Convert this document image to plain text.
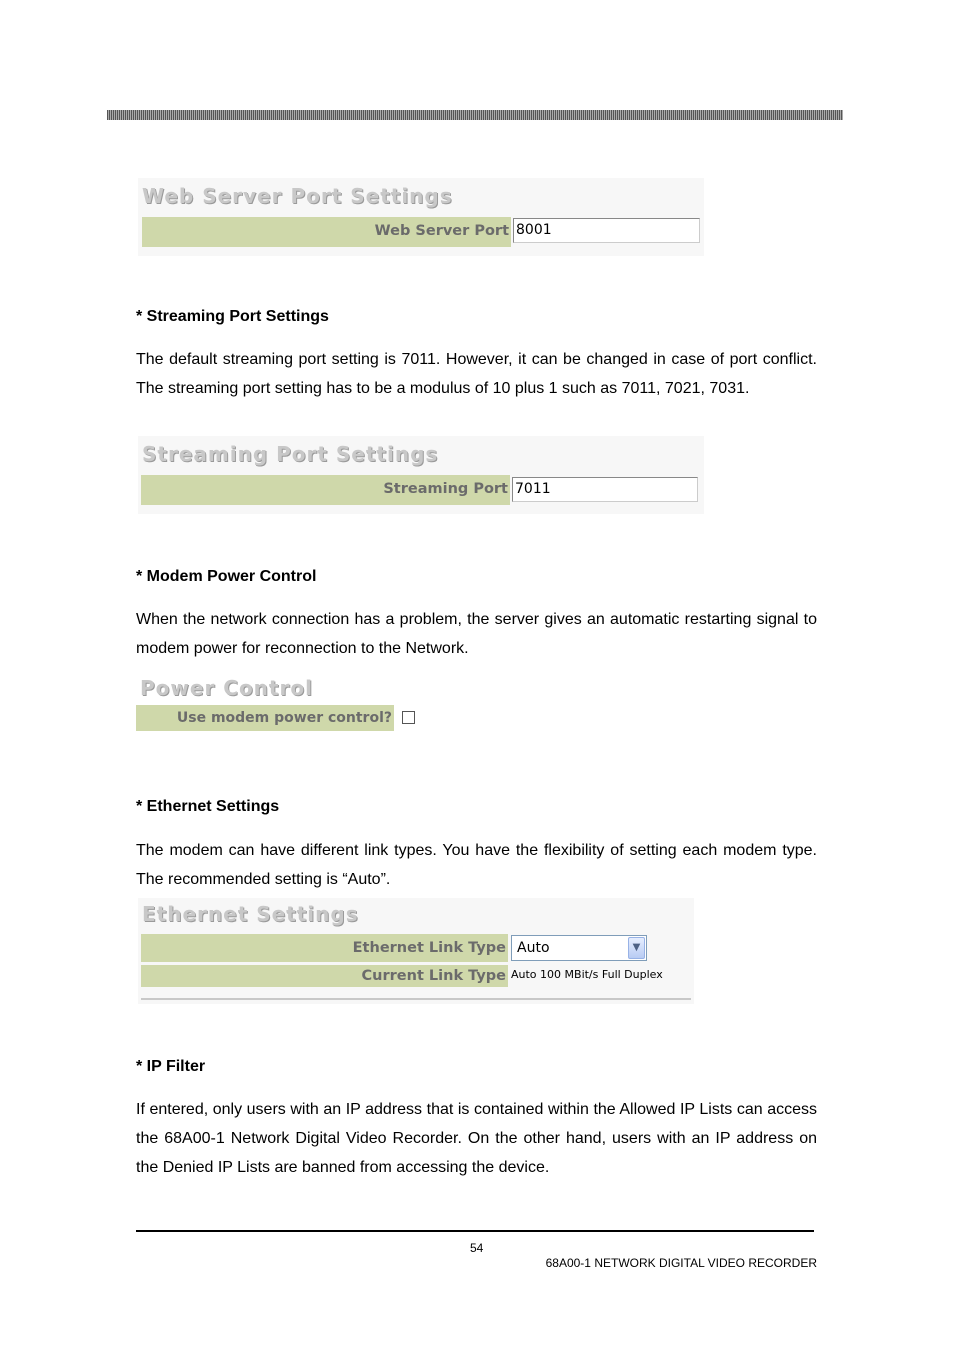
Web Server Port Settings
Web Server Port 8001
* Streaming Port Settings
The default streaming port setting is 7011. However, it can be changed in case of port conflict. The streaming port setting has to be a modulus of 10 plus 1 such as 7011, 7021, 7031.
Streaming Port Settings
Streaming Port 7011
* Modem Power Control
When the network connection has a problem, the server gives an automatic restarting signal to modem power for reconnection to the Network.
Power Control
Use modem power control?
* Ethernet Settings
The modem can have different link types. You have the flexibility of setting each modem type. The recommended setting is “Auto”.
Ethernet Settings
Ethernet Link Type Auto	▼
Current Link Type Auto 100 MBit/s Full Duplex
* IP Filter
If entered, only users with an IP address that is contained within the Allowed IP Lists can access the 68A00-1 Network Digital Video Recorder. On the other hand, users with an IP address on the Denied IP Lists are banned from accessing the device.
54
68A00-1 NETWORK DIGITAL VIDEO RECORDER
